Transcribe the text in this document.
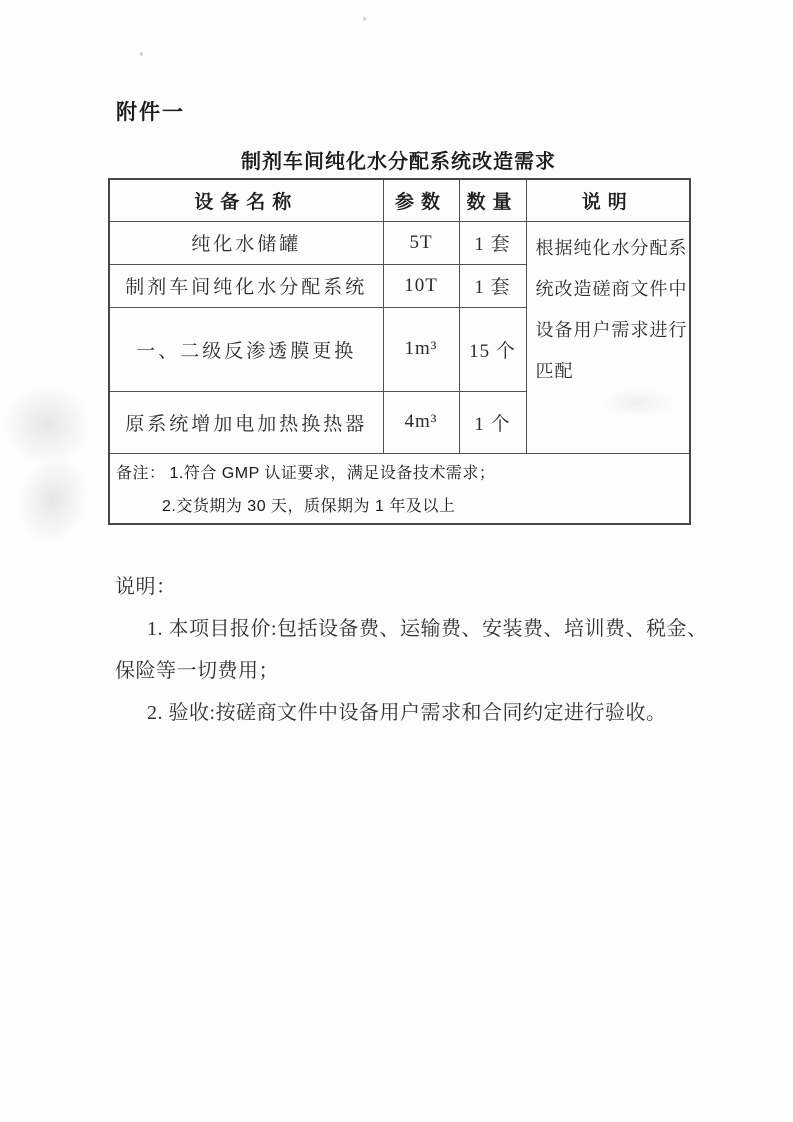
附件一
制剂车间纯化水分配系统改造需求
设备名称	参数	数量	说明
纯化水储罐	5T	1 套	根据纯化水分配系
统改造磋商文件中
设备用户需求进行
匹配

制剂车间纯化水分配系统	10T	1 套	
一、二级反渗透膜更换	1m³	15 个	
原系统增加电加热换热器	4m³	1 个	

备注： 1.符合 GMP 认证要求，满足设备技术需求；
2.交货期为 30 天，质保期为 1 年及以上			
说明：
1. 本项目报价:包括设备费、运输费、安装费、培训费、税金、
保险等一切费用；
2. 验收:按磋商文件中设备用户需求和合同约定进行验收。
